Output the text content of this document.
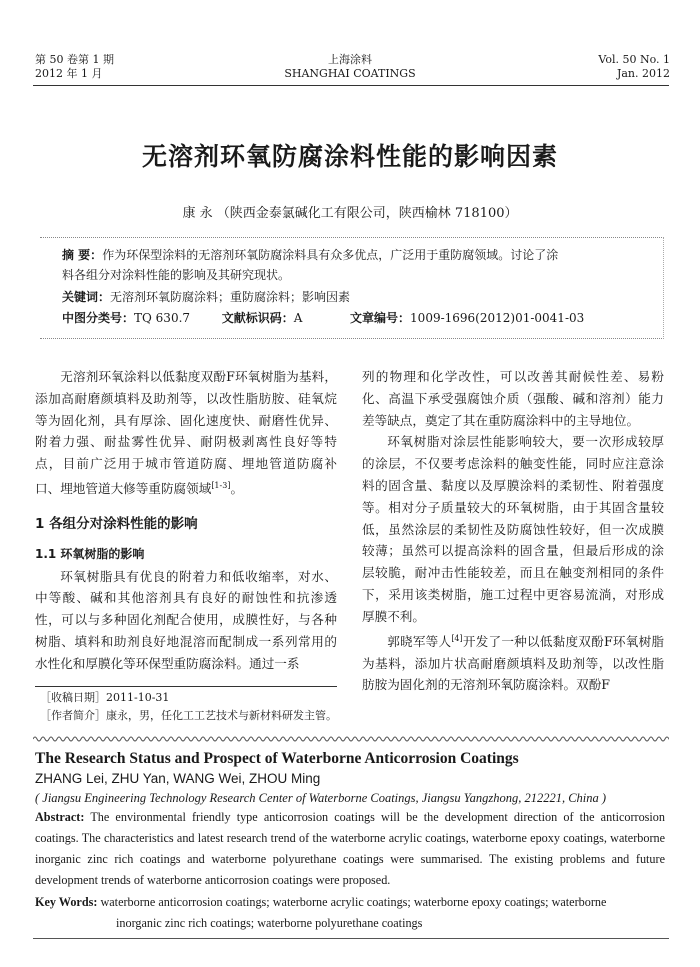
第 50 卷第 1 期
2012 年 1 月
上海涂料
SHANGHAI COATINGS
Vol. 50 No. 1
Jan. 2012
无溶剂环氧防腐涂料性能的影响因素
康 永 （陕西金泰氯碱化工有限公司，陕西榆林 718100）
摘 要：作为环保型涂料的无溶剂环氧防腐涂料具有众多优点，广泛用于重防腐领域。讨论了涂
料各组分对涂料性能的影响及其研究现状。
关键词：无溶剂环氧防腐涂料；重防腐涂料；影响因素
中图分类号：TQ 630.7	文献标识码：A	文章编号：1009-1696(2012)01-0041-03

无溶剂环氧涂料以低黏度双酚F环氧树脂为基料，添加高耐磨颜填料及助剂等，以改性脂肪胺、硅氧烷等为固化剂，具有厚涂、固化速度快、耐磨性优异、附着力强、耐盐雾性优异、耐阴极剥离性良好等特点，目前广泛用于城市管道防腐、埋地管道防腐补口、埋地管道大修等重防腐领域[1-3]。

1 各组分对涂料性能的影响

1.1 环氧树脂的影响

环氧树脂具有优良的附着力和低收缩率，对水、中等酸、碱和其他溶剂具有良好的耐蚀性和抗渗透性，可以与多种固化剂配合使用，成膜性好，与各种树脂、填料和助剂良好地混溶而配制成一系列常用的水性化和厚膜化等环保型重防腐涂料。通过一系

列的物理和化学改性，可以改善其耐候性差、易粉化、高温下承受强腐蚀介质（强酸、碱和溶剂）能力差等缺点，奠定了其在重防腐涂料中的主导地位。

环氧树脂对涂层性能影响较大，要一次形成较厚的涂层，不仅要考虑涂料的触变性能，同时应注意涂料的固含量、黏度以及厚膜涂料的柔韧性、附着强度等。相对分子质量较大的环氧树脂，由于其固含量较低，虽然涂层的柔韧性及防腐蚀性较好，但一次成膜较薄；虽然可以提高涂料的固含量，但最后形成的涂层较脆，耐冲击性能较差，而且在触变剂相同的条件下，采用该类树脂，施工过程中更容易流淌，对形成厚膜不利。

郭晓军等人[4]开发了一种以低黏度双酚F环氧树脂为基料，添加片状高耐磨颜填料及助剂等，以改性脂肪胺为固化剂的无溶剂环氧防腐涂料。双酚F

［收稿日期］2011-10-31
［作者简介］康永，男，任化工工艺技术与新材料研发主管。
The Research Status and Prospect of Waterborne Anticorrosion Coatings
ZHANG Lei, ZHU Yan, WANG Wei, ZHOU Ming
( Jiangsu Engineering Technology Research Center of Waterborne Coatings, Jiangsu Yangzhong, 212221, China )
Abstract: The environmental friendly type anticorrosion coatings will be the development direction of the anticorrosion coatings. The characteristics and latest research trend of the waterborne acrylic coatings, waterborne epoxy coatings, waterborne inorganic zinc rich coatings and waterborne polyurethane coatings were summarised. The existing problems and future development trends of waterborne anticorrosion coatings were proposed.
Key Words: waterborne anticorrosion coatings; waterborne acrylic coatings; waterborne epoxy coatings; waterborne
inorganic zinc rich coatings; waterborne polyurethane coatings
